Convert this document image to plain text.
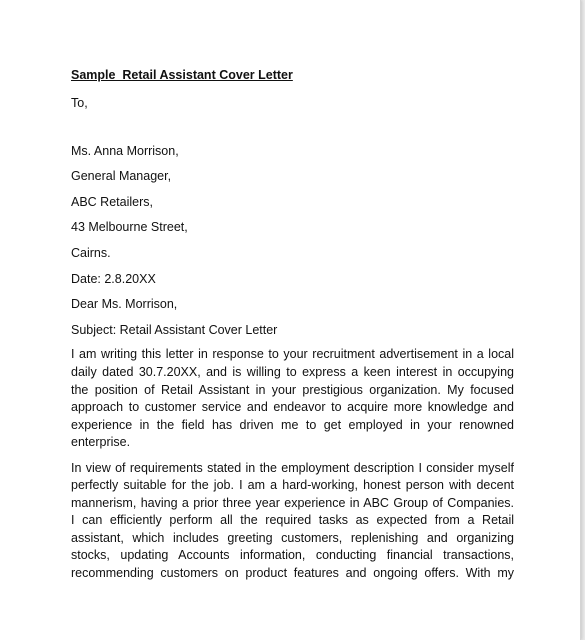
Sample  Retail Assistant Cover Letter
To,
Ms. Anna Morrison,
General Manager,
ABC Retailers,
43 Melbourne Street,
Cairns.
Date: 2.8.20XX
Dear Ms. Morrison,
Subject: Retail Assistant Cover Letter
I am writing this letter in response to your recruitment advertisement in a local
daily dated 30.7.20XX, and is willing to express a keen interest in occupying
the position of Retail Assistant in your prestigious organization. My focused
approach to customer service and endeavor to acquire more knowledge and
experience in the field has driven me to get employed in your renowned
enterprise.
In view of requirements stated in the employment description I consider myself
perfectly suitable for the job. I am a hard-working, honest person with decent
mannerism, having a prior three year experience in ABC Group of Companies.
I can efficiently perform all the required tasks as expected from a Retail
assistant, which includes greeting customers, replenishing and organizing
stocks, updating Accounts information, conducting financial transactions,
recommending customers on product features and ongoing offers. With my
